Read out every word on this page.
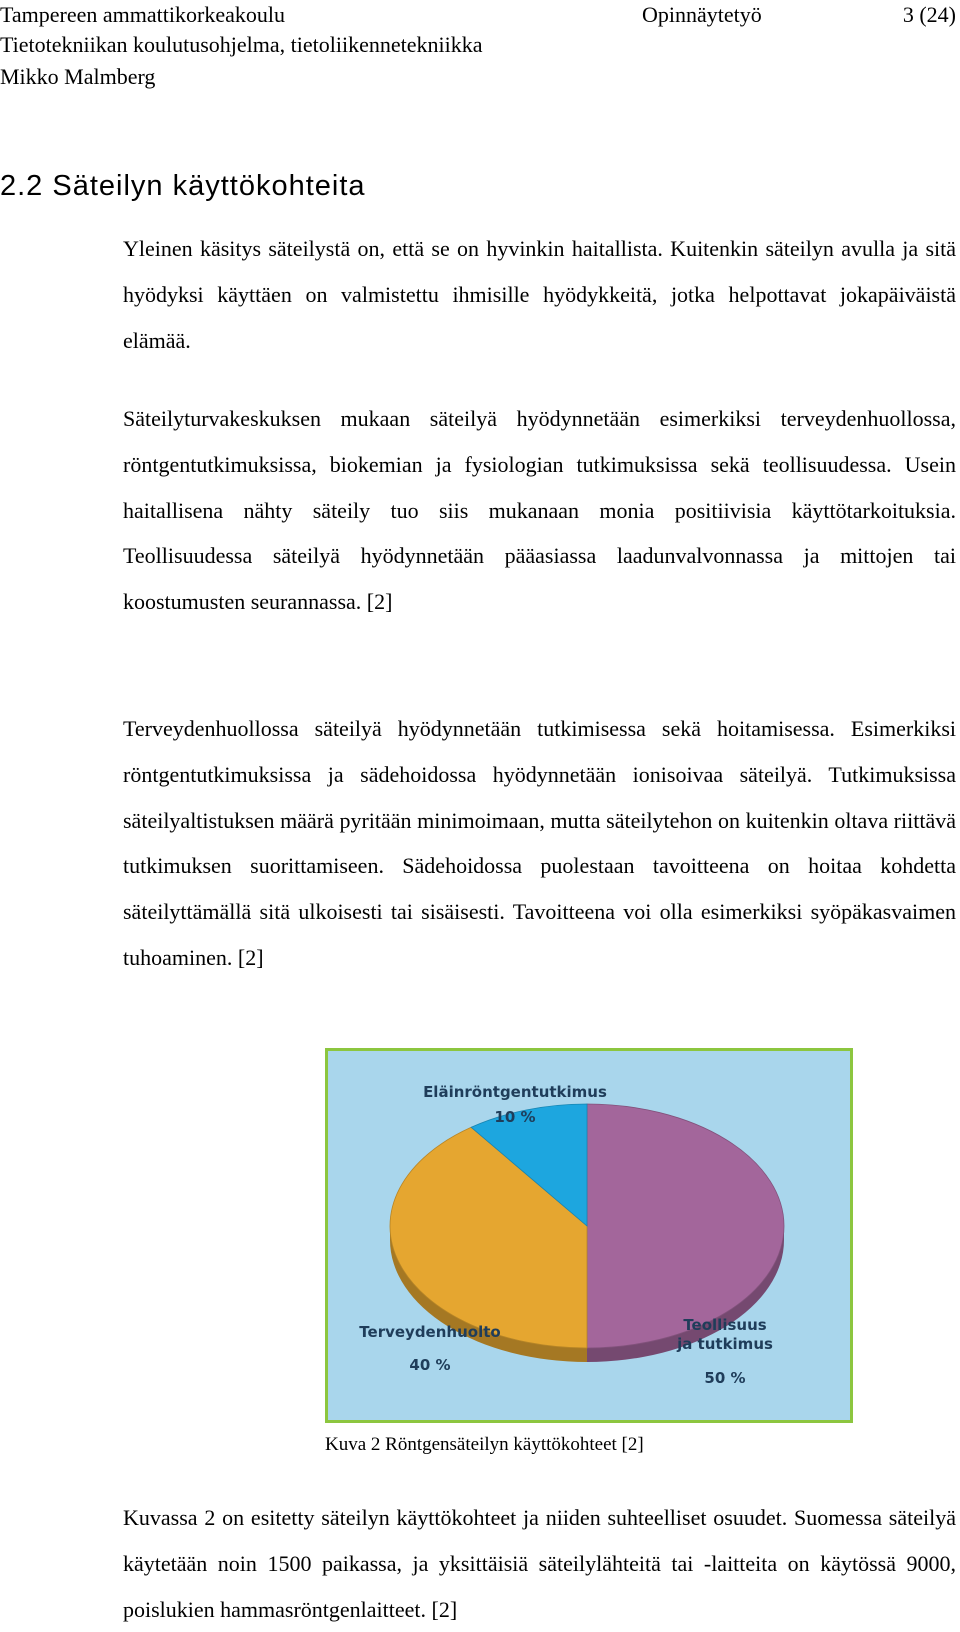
Tampereen ammattikorkeakoulu	Opinnäytetyö	3 (24)
Tietotekniikan koulutusohjelma, tietoliikennetekniikka
Mikko Malmberg
2.2 Säteilyn käyttökohteita

Yleinen käsitys säteilystä on, että se on hyvinkin haitallista. Kuitenkin säteilyn avulla ja sitä hyödyksi käyttäen on valmistettu ihmisille hyödykkeitä, jotka helpottavat jokapäiväistä elämää.

Säteilyturvakeskuksen mukaan säteilyä hyödynnetään esimerkiksi terveydenhuollossa, röntgentutkimuksissa, biokemian ja fysiologian tutkimuksissa sekä teollisuudessa. Usein haitallisena nähty säteily tuo siis mukanaan monia positiivisia käyttötarkoituksia. Teollisuudessa säteilyä hyödynnetään pääasiassa laadunvalvonnassa ja mittojen tai koostumusten seurannassa. [2]

Terveydenhuollossa säteilyä hyödynnetään tutkimisessa sekä hoitamisessa. Esimerkiksi röntgentutkimuksissa ja sädehoidossa hyödynnetään ionisoivaa säteilyä. Tutkimuksissa säteilyaltistuksen määrä pyritään minimoimaan, mutta säteilytehon on kuitenkin oltava riittävä tutkimuksen suorittamiseen. Sädehoidossa puolestaan tavoitteena on hoitaa kohdetta säteilyttämällä sitä ulkoisesti tai sisäisesti. Tavoitteena voi olla esimerkiksi syöpäkasvaimen tuhoaminen. [2]

Teollisuus
ja tutkimus
50 %
Terveydenhuolto
40 %
Eläinröntgentutkimus
10 %
Kuva 2 Röntgensäteilyn käyttökohteet [2]

Kuvassa 2 on esitetty säteilyn käyttökohteet ja niiden suhteelliset osuudet. Suomessa säteilyä käytetään noin 1500 paikassa, ja yksittäisiä säteilylähteitä tai -laitteita on käytössä 9000, poislukien hammasröntgenlaitteet. [2]
